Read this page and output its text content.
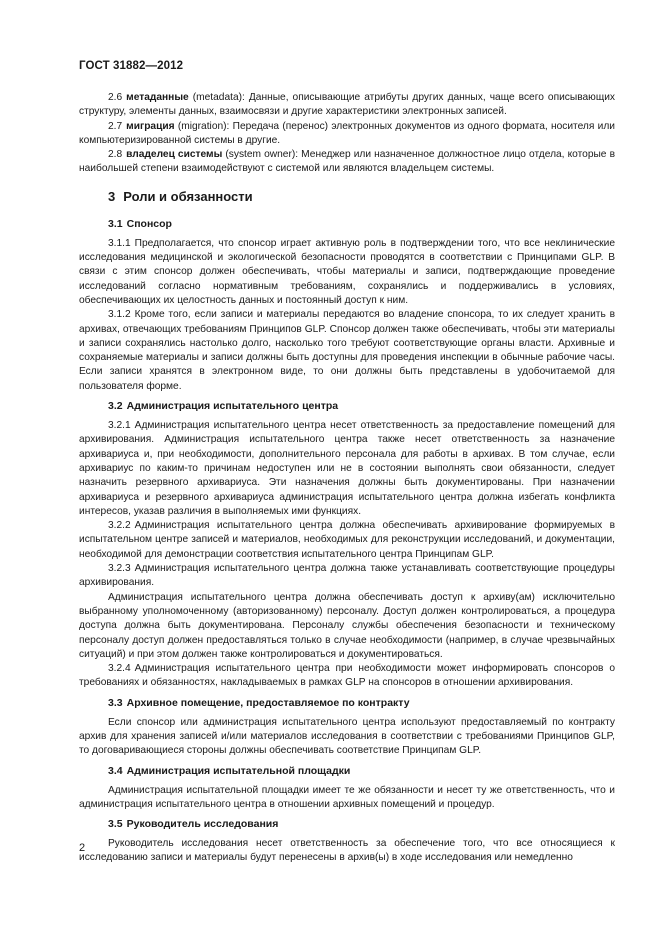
ГОСТ 31882—2012

2.6 метаданные (metadata): Данные, описывающие атрибуты других данных, чаще всего описывающих структуру, элементы данных, взаимосвязи и другие характеристики электронных записей.

2.7 миграция (migration): Передача (перенос) электронных документов из одного формата, носителя или компьютеризированной системы в другие.

2.8 владелец системы (system owner): Менеджер или назначенное должностное лицо отдела, которые в наибольшей степени взаимодействуют с системой или являются владельцем системы.

3 Роли и обязанности
3.1 Спонсор

3.1.1 Предполагается, что спонсор играет активную роль в подтверждении того, что все неклинические исследования медицинской и экологической безопасности проводятся в соответствии с Принципами GLP. В связи с этим спонсор должен обеспечивать, чтобы материалы и записи, подтверждающие проведение исследований согласно нормативным требованиям, сохранялись и поддерживались в условиях, обеспечивающих их целостность данных и постоянный доступ к ним.

3.1.2 Кроме того, если записи и материалы передаются во владение спонсора, то их следует хранить в архивах, отвечающих требованиям Принципов GLP. Спонсор должен также обеспечивать, чтобы эти материалы и записи сохранялись настолько долго, насколько того требуют соответствующие органы власти. Архивные и сохраняемые материалы и записи должны быть доступны для проведения инспекции в обычные рабочие часы. Если записи хранятся в электронном виде, то они должны быть представлены в удобочитаемой для пользователя форме.

3.2 Администрация испытательного центра

3.2.1 Администрация испытательного центра несет ответственность за предоставление помещений для архивирования. Администрация испытательного центра также несет ответственность за назначение архивариуса и, при необходимости, дополнительного персонала для работы в архивах. В том случае, если архивариус по каким-то причинам недоступен или не в состоянии выполнять свои обязанности, следует назначить резервного архивариуса. Эти назначения должны быть документированы. При назначении архивариуса и резервного архивариуса администрация испытательного центра должна избегать конфликта интересов, указав различия в выполняемых ими функциях.

3.2.2 Администрация испытательного центра должна обеспечивать архивирование формируемых в испытательном центре записей и материалов, необходимых для реконструкции исследований, и документации, необходимой для демонстрации соответствия испытательного центра Принципам GLP.

3.2.3 Администрация испытательного центра должна также устанавливать соответствующие процедуры архивирования.

Администрация испытательного центра должна обеспечивать доступ к архиву(ам) исключительно выбранному уполномоченному (авторизованному) персоналу. Доступ должен контролироваться, а процедура доступа должна быть документирована. Персоналу службы обеспечения безопасности и техническому персоналу доступ должен предоставляться только в случае необходимости (например, в случае чрезвычайных ситуаций) и при этом должен также контролироваться и документироваться.

3.2.4 Администрация испытательного центра при необходимости может информировать спонсоров о требованиях и обязанностях, накладываемых в рамках GLP на спонсоров в отношении архивирования.

3.3 Архивное помещение, предоставляемое по контракту

Если спонсор или администрация испытательного центра используют предоставляемый по контракту архив для хранения записей и/или материалов исследования в соответствии с требованиями Принципов GLP, то договаривающиеся стороны должны обеспечивать соответствие Принципам GLP.

3.4 Администрация испытательной площадки

Администрация испытательной площадки имеет те же обязанности и несет ту же ответственность, что и администрация испытательного центра в отношении архивных помещений и процедур.

3.5 Руководитель исследования

Руководитель исследования несет ответственность за обеспечение того, что все относящиеся к исследованию записи и материалы будут перенесены в архив(ы) в ходе исследования или немедленно

2
